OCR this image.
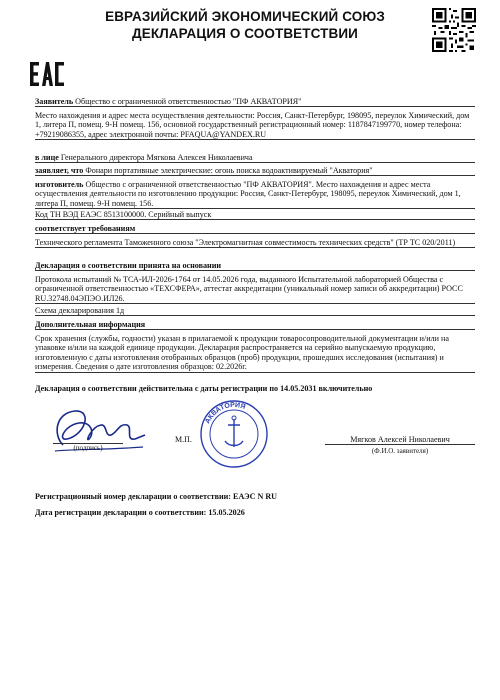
ЕВРАЗИЙСКИЙ ЭКОНОМИЧЕСКИЙ СОЮЗ
ДЕКЛАРАЦИЯ О СООТВЕТСТВИИ
Заявитель Общество с ограниченной ответственностью "ПФ АКВАТОРИЯ"
Место нахождения и адрес места осуществления деятельности: Россия, Санкт-Петербург, 198095, переулок Химический, дом 1, литера П, помещ. 9-Н помещ. 156, основной государственный регистрационный номер: 1187847199770, номер телефона: +79219086355, адрес электронной почты: PFAQUA@YANDEX.RU
в лице Генерального директора Мягкова Алексея Николаевича
заявляет, что Фонари портативные электрические: огонь поиска водоактивируемый "Акватория"
изготовитель Общество с ограниченной ответственностью "ПФ АКВАТОРИЯ". Место нахождения и адрес места осуществления деятельности по изготовлению продукции: Россия, Санкт-Петербург, 198095, переулок Химический, дом 1, литера П, помещ. 9-Н помещ. 156.
Код ТН ВЭД ЕАЭС 8513100000. Серийный выпуск
соответствует требованиям
Технического регламента Таможенного союза "Электромагнитная совместимость технических средств" (ТР ТС 020/2011)
Декларация о соответствии принята на основании
Протокола испытаний № ТСА-ИЛ-2026-1764 от 14.05.2026 года, выданного Испытательной лабораторией Общества с ограниченной ответственностью «ТЕХСФЕРА», аттестат аккредитации (уникальный номер записи об аккредитации) РОСС RU.32748.04ЭПЭО.ИЛ26.
Схема декларирования 1д
Дополнительная информация
Срок хранения (службы, годности) указан в прилагаемой к продукции товаросопроводительной документации и/или на упаковке и/или на каждой единице продукции. Декларация распространяется на серийно выпускаемую продукцию, изготовленную с даты изготовления отобранных образцов (проб) продукции, прошедших исследования (испытания) и измерения. Сведения о дате изготовления образцов: 02.2026г.
Декларация о соответствии действительна с даты регистрации по 14.05.2031 включительно
АКВАТОРИЯ
(подпись)
М.П.	Мягков Алексей Николаевич
(Ф.И.О. заявителя)
Регистрационный номер декларации о соответствии: ЕАЭС N RU
Дата регистрации декларации о соответствии: 15.05.2026
